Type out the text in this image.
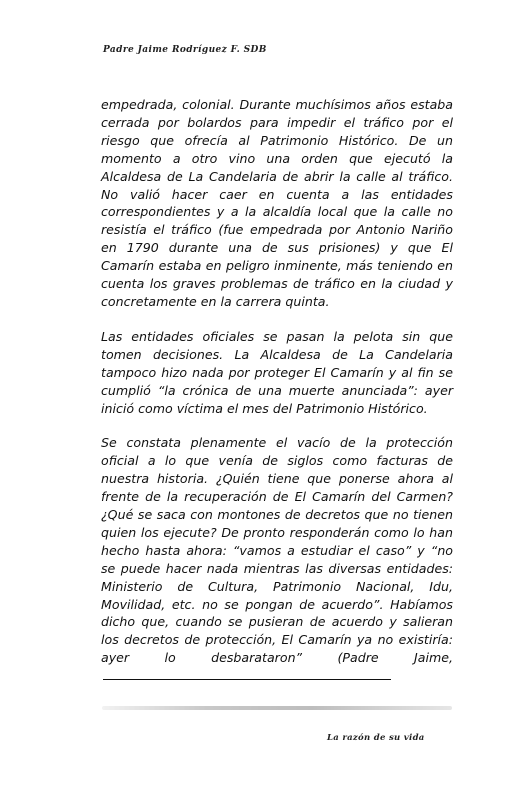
Padre Jaime Rodríguez F. SDB

empedrada, colonial. Durante muchísimos años estaba cerrada por bolardos para impedir el tráfico por el riesgo que ofrecía al Patrimonio Histórico. De un momento a otro vino una orden que ejecutó la Alcaldesa de La Candelaria de abrir la calle al tráfico. No valió hacer caer en cuenta a las entidades correspondientes y a la alcaldía local que la calle no resistía el tráfico (fue empedrada por Antonio Nariño en 1790 durante una de sus prisiones) y que El Camarín estaba en peligro inminente, más teniendo en cuenta los graves problemas de tráfico en la ciudad y concretamente en la carrera quinta.

Las entidades oficiales se pasan la pelota sin que tomen decisiones. La Alcaldesa de La Candelaria tampoco hizo nada por proteger El Camarín y al fin se cumplió “la crónica de una muerte anunciada”: ayer inició como víctima el mes del Patrimonio Histórico.

Se constata plenamente el vacío de la protección oficial a lo que venía de siglos como facturas de nuestra historia. ¿Quién tiene que ponerse ahora al frente de la recuperación de El Camarín del Carmen? ¿Qué se saca con montones de decretos que no tienen quien los ejecute? De pronto responderán como lo han hecho hasta ahora: “vamos a estudiar el caso” y “no se puede hacer nada mientras las diversas entidades: Ministerio de Cultura, Patrimonio Nacional, Idu, Movilidad, etc. no se pongan de acuerdo”. Habíamos dicho que, cuando se pusieran de acuerdo y salieran los decretos de protección, El Camarín ya no existiría: ayer lo desbarataron” (Padre Jaime,

La razón de su vida
